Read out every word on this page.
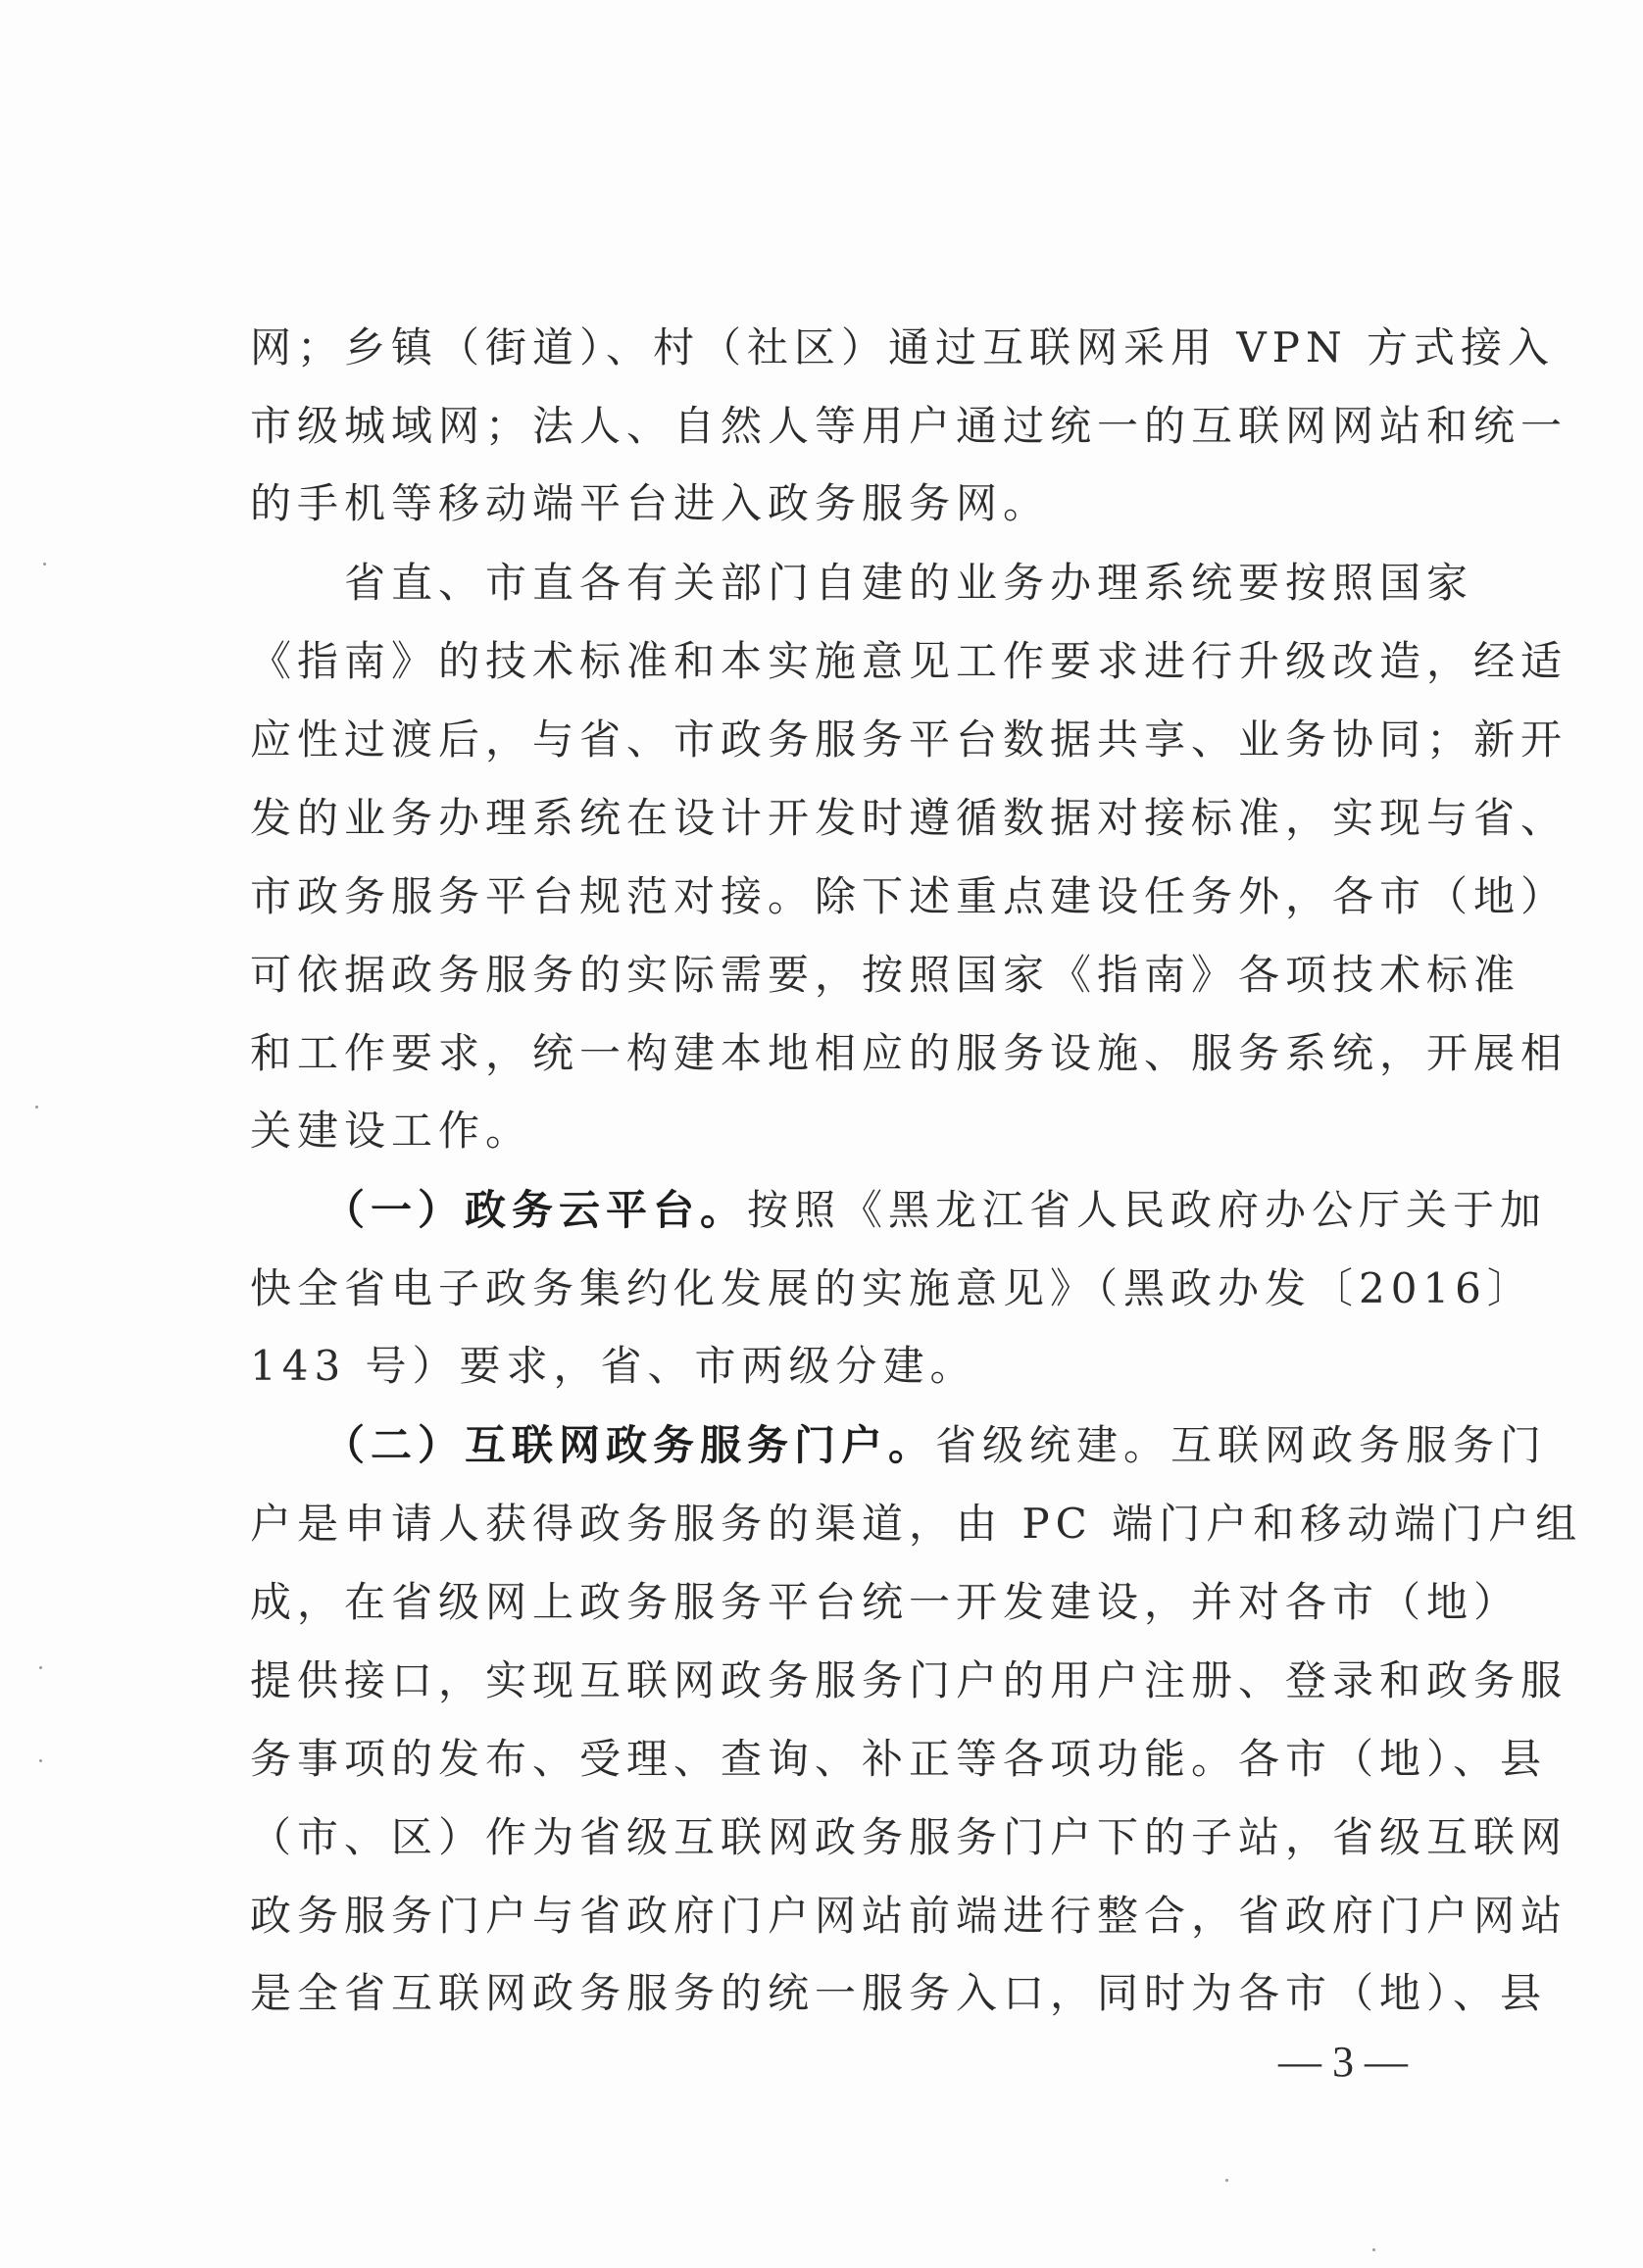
网；乡镇（街道）、村（社区）通过互联网采用 VPN 方式接入
市级城域网；法人、自然人等用户通过统一的互联网网站和统一
的手机等移动端平台进入政务服务网。
　　省直、市直各有关部门自建的业务办理系统要按照国家
《指南》的技术标准和本实施意见工作要求进行升级改造，经适
应性过渡后，与省、市政务服务平台数据共享、业务协同；新开
发的业务办理系统在设计开发时遵循数据对接标准，实现与省、
市政务服务平台规范对接。除下述重点建设任务外，各市（地）
可依据政务服务的实际需要，按照国家《指南》各项技术标准
和工作要求，统一构建本地相应的服务设施、服务系统，开展相
关建设工作。
　　（一）政务云平台。按照《黑龙江省人民政府办公厅关于加
快全省电子政务集约化发展的实施意见》（黑政办发〔2016〕
143 号）要求，省、市两级分建。
　　（二）互联网政务服务门户。省级统建。互联网政务服务门
户是申请人获得政务服务的渠道，由 PC 端门户和移动端门户组
成，在省级网上政务服务平台统一开发建设，并对各市（地）
提供接口，实现互联网政务服务门户的用户注册、登录和政务服
务事项的发布、受理、查询、补正等各项功能。各市（地）、县
（市、区）作为省级互联网政务服务门户下的子站，省级互联网
政务服务门户与省政府门户网站前端进行整合，省政府门户网站
是全省互联网政务服务的统一服务入口，同时为各市（地）、县
— 3 —
